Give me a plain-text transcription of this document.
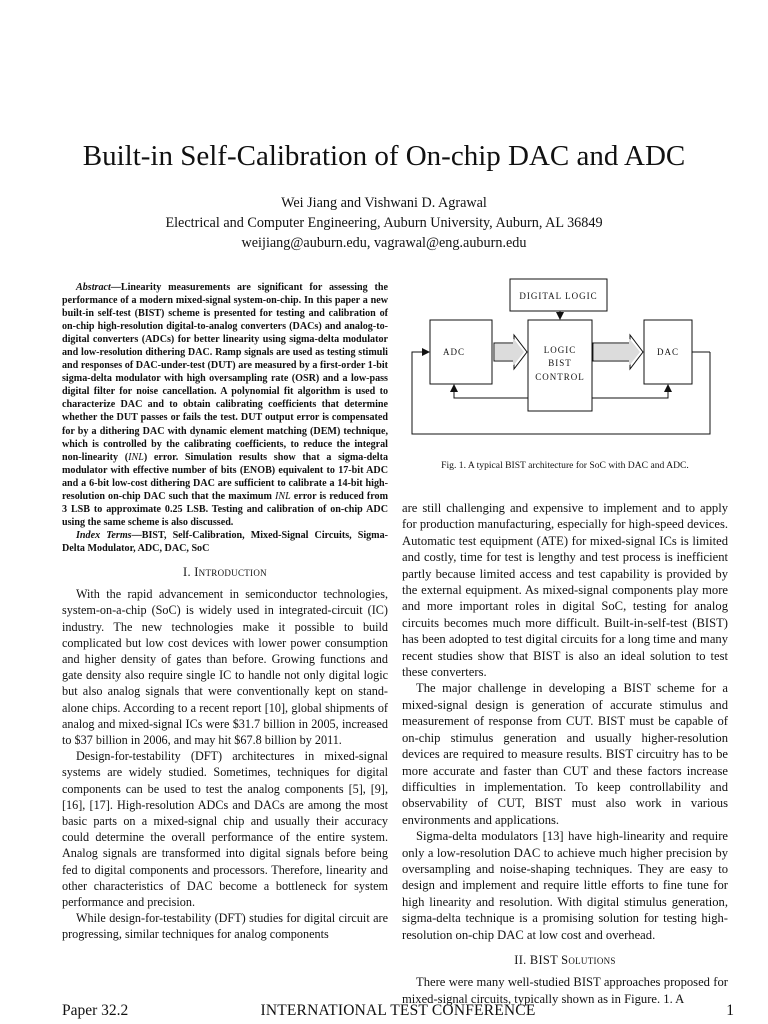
Built-in Self-Calibration of On-chip DAC and ADC
Wei Jiang and Vishwani D. Agrawal
Electrical and Computer Engineering, Auburn University, Auburn, AL 36849
weijiang@auburn.edu, vagrawal@eng.auburn.edu

Abstract—Linearity measurements are significant for assessing the performance of a modern mixed-signal system-on-chip. In this paper a new built-in self-test (BIST) scheme is presented for testing and calibration of on-chip high-resolution digital-to-analog converters (DACs) and analog-to-digital converters (ADCs) for better linearity using sigma-delta modulator and low-resolution dithering DAC. Ramp signals are used as testing stimuli and responses of DAC-under-test (DUT) are measured by a first-order 1-bit sigma-delta modulator with high oversampling rate (OSR) and a low-pass digital filter for noise cancellation. A polynomial fit algorithm is used to characterize DAC and to obtain calibrating coefficients that determine whether the DUT passes or fails the test. DUT output error is compensated for by a dithering DAC with dynamic element matching (DEM) technique, which is controlled by the calibrating coefficients, to reduce the integral non-linearity (INL) error. Simulation results show that a sigma-delta modulator with effective number of bits (ENOB) equivalent to 17-bit ADC and a 6-bit low-cost dithering DAC are sufficient to calibrate a 14-bit high-resolution on-chip DAC such that the maximum INL error is reduced from 3 LSB to approximate 0.25 LSB. Testing and calibration of on-chip ADC using the same scheme is also discussed.

Index Terms—BIST, Self-Calibration, Mixed-Signal Circuits, Sigma-Delta Modulator, ADC, DAC, SoC

I. Introduction

With the rapid advancement in semiconductor technologies, system-on-a-chip (SoC) is widely used in integrated-circuit (IC) industry. The new technologies make it possible to build complicated but low cost devices with lower power consumption and higher density of gates than before. Growing functions and gate density also require single IC to handle not only digital logic but also analog signals that were conventionally kept on stand-alone chips. According to a recent report [10], global shipments of analog and mixed-signal ICs were $31.7 billion in 2005, increased to $37 billion in 2006, and may hit $67.8 billion by 2011.

Design-for-testability (DFT) architectures in mixed-signal systems are widely studied. Sometimes, techniques for digital components can be used to test the analog components [5], [9], [16], [17]. High-resolution ADCs and DACs are among the most basic parts on a mixed-signal chip and usually their accuracy could determine the overall performance of the entire system. Analog signals are transformed into digital signals before being fed to digital components and processors. Therefore, linearity and other characteristics of DAC become a bottleneck for system performance and precision.

While design-for-testability (DFT) studies for digital circuit are progressing, similar techniques for analog components

DIGITAL LOGIC
ADC	LOGIC
BIST
CONTROL
DAC
Fig. 1. A typical BIST architecture for SoC with DAC and ADC.

are still challenging and expensive to implement and to apply for production manufacturing, especially for high-speed devices. Automatic test equipment (ATE) for mixed-signal ICs is limited and costly, time for test is lengthy and test process is inefficient partly because limited access and test capability is provided by the external equipment. As mixed-signal components play more and more important roles in digital SoC, testing for analog circuits becomes much more difficult. Built-in-self-test (BIST) has been adopted to test digital circuits for a long time and many recent studies show that BIST is also an ideal solution to test these converters.

The major challenge in developing a BIST scheme for a mixed-signal design is generation of accurate stimulus and measurement of response from CUT. BIST must be capable of on-chip stimulus generation and usually higher-resolution devices are required to measure results. BIST circuitry has to be more accurate and faster than CUT and these factors increase difficulties in implementation. To keep controllability and observability of CUT, BIST must also work in various environments and applications.

Sigma-delta modulators [13] have high-linearity and require only a low-resolution DAC to achieve much higher precision by oversampling and noise-shaping techniques. They are easy to design and implement and require little efforts to fine tune for high linearity and resolution. With digital stimulus generation, sigma-delta technique is a promising solution for testing high-resolution on-chip DAC at low cost and overhead.

II. BIST Solutions

There were many well-studied BIST approaches proposed for mixed-signal circuits, typically shown as in Figure. 1. A

Paper 32.2	INTERNATIONAL TEST CONFERENCE	1
